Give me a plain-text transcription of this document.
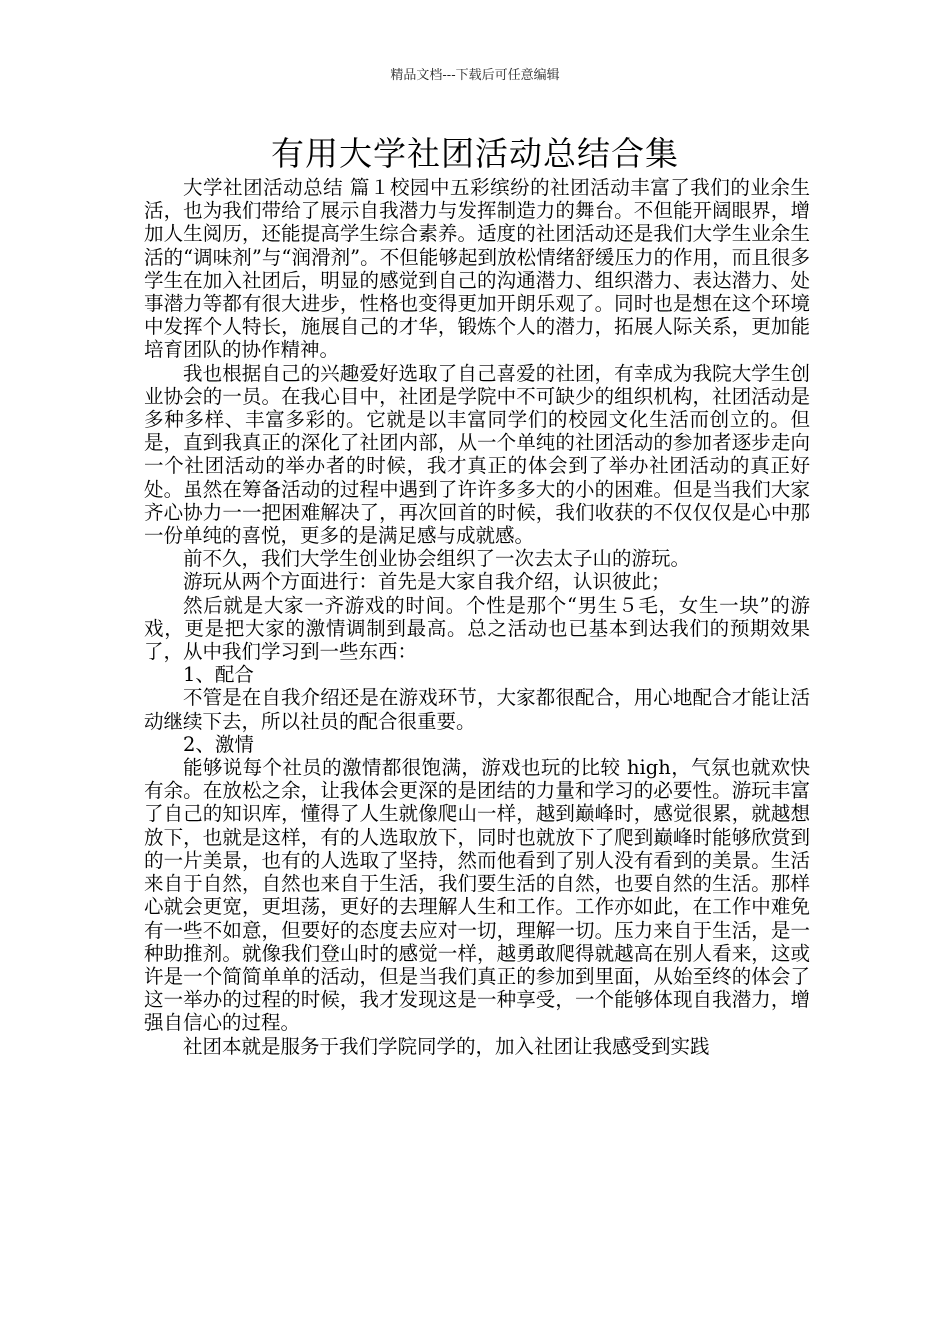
精品文档---下载后可任意编辑
有用大学社团活动总结合集

大学社团活动总结 篇１校园中五彩缤纷的社团活动丰富了我们的业余生活，也为我们带给了展示自我潜力与发挥制造力的舞台。不但能开阔眼界，增加人生阅历，还能提高学生综合素养。适度的社团活动还是我们大学生业余生活的“调味剂”与“润滑剂”。不但能够起到放松情绪舒缓压力的作用，而且很多学生在加入社团后，明显的感觉到自己的沟通潜力、组织潜力、表达潜力、处事潜力等都有很大进步，性格也变得更加开朗乐观了。同时也是想在这个环境中发挥个人特长，施展自己的才华，锻炼个人的潜力，拓展人际关系，更加能培育团队的协作精神。

我也根据自己的兴趣爱好选取了自己喜爱的社团，有幸成为我院大学生创业协会的一员。在我心目中，社团是学院中不可缺少的组织机构，社团活动是多种多样、丰富多彩的。它就是以丰富同学们的校园文化生活而创立的。但是，直到我真正的深化了社团内部，从一个单纯的社团活动的参加者逐步走向一个社团活动的举办者的时候，我才真正的体会到了举办社团活动的真正好处。虽然在筹备活动的过程中遇到了许许多多大的小的困难。但是当我们大家齐心协力一一把困难解决了，再次回首的时候，我们收获的不仅仅仅是心中那一份单纯的喜悦，更多的是满足感与成就感。

前不久，我们大学生创业协会组织了一次去太子山的游玩。

游玩从两个方面进行：首先是大家自我介绍，认识彼此；

然后就是大家一齐游戏的时间。个性是那个“男生５毛，女生一块”的游戏，更是把大家的激情调制到最高。总之活动也已基本到达我们的预期效果了，从中我们学习到一些东西：

1、配合

不管是在自我介绍还是在游戏环节，大家都很配合，用心地配合才能让活动继续下去，所以社员的配合很重要。

2、激情

能够说每个社员的激情都很饱满，游戏也玩的比较 high，气氛也就欢快有余。在放松之余，让我体会更深的是团结的力量和学习的必要性。游玩丰富了自己的知识库，懂得了人生就像爬山一样，越到巅峰时，感觉很累，就越想放下，也就是这样，有的人选取放下，同时也就放下了爬到巅峰时能够欣赏到的一片美景，也有的人选取了坚持，然而他看到了别人没有看到的美景。生活来自于自然，自然也来自于生活，我们要生活的自然，也要自然的生活。那样心就会更宽，更坦荡，更好的去理解人生和工作。工作亦如此，在工作中难免有一些不如意，但要好的态度去应对一切，理解一切。压力来自于生活，是一种助推剂。就像我们登山时的感觉一样，越勇敢爬得就越高在别人看来，这或许是一个简简单单的活动，但是当我们真正的参加到里面，从始至终的体会了这一举办的过程的时候，我才发现这是一种享受，一个能够体现自我潜力，增强自信心的过程。

社团本就是服务于我们学院同学的，加入社团让我感受到实践
